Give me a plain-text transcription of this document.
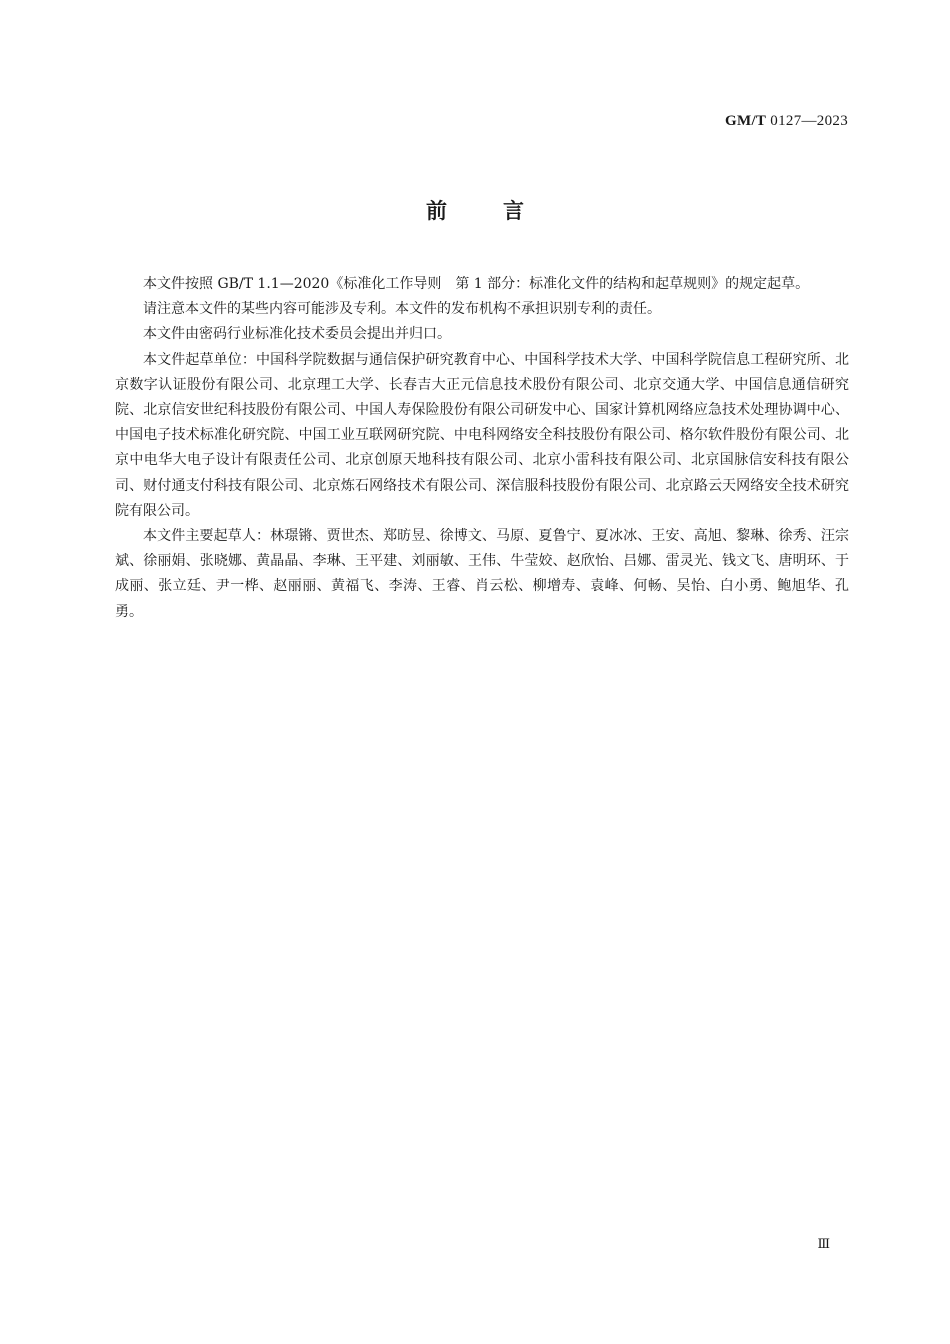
GM/T 0127—2023
前	言

本文件按照 GB/T 1.1—2020《标准化工作导则　第 1 部分：标准化文件的结构和起草规则》的规定起草。

请注意本文件的某些内容可能涉及专利。本文件的发布机构不承担识别专利的责任。

本文件由密码行业标准化技术委员会提出并归口。

本文件起草单位：中国科学院数据与通信保护研究教育中心、中国科学技术大学、中国科学院信息工程研究所、北京数字认证股份有限公司、北京理工大学、长春吉大正元信息技术股份有限公司、北京交通大学、中国信息通信研究院、北京信安世纪科技股份有限公司、中国人寿保险股份有限公司研发中心、国家计算机网络应急技术处理协调中心、中国电子技术标准化研究院、中国工业互联网研究院、中电科网络安全科技股份有限公司、格尔软件股份有限公司、北京中电华大电子设计有限责任公司、北京创原天地科技有限公司、北京小雷科技有限公司、北京国脉信安科技有限公司、财付通支付科技有限公司、北京炼石网络技术有限公司、深信服科技股份有限公司、北京路云天网络安全技术研究院有限公司。

本文件主要起草人：林璟锵、贾世杰、郑昉昱、徐博文、马原、夏鲁宁、夏冰冰、王安、高旭、黎琳、徐秀、汪宗斌、徐丽娟、张晓娜、黄晶晶、李琳、王平建、刘丽敏、王伟、牛莹姣、赵欣怡、吕娜、雷灵光、钱文飞、唐明环、于成丽、张立廷、尹一桦、赵丽丽、黄福飞、李涛、王睿、肖云松、柳增寿、袁峰、何畅、吴怡、白小勇、鲍旭华、孔勇。

Ⅲ
